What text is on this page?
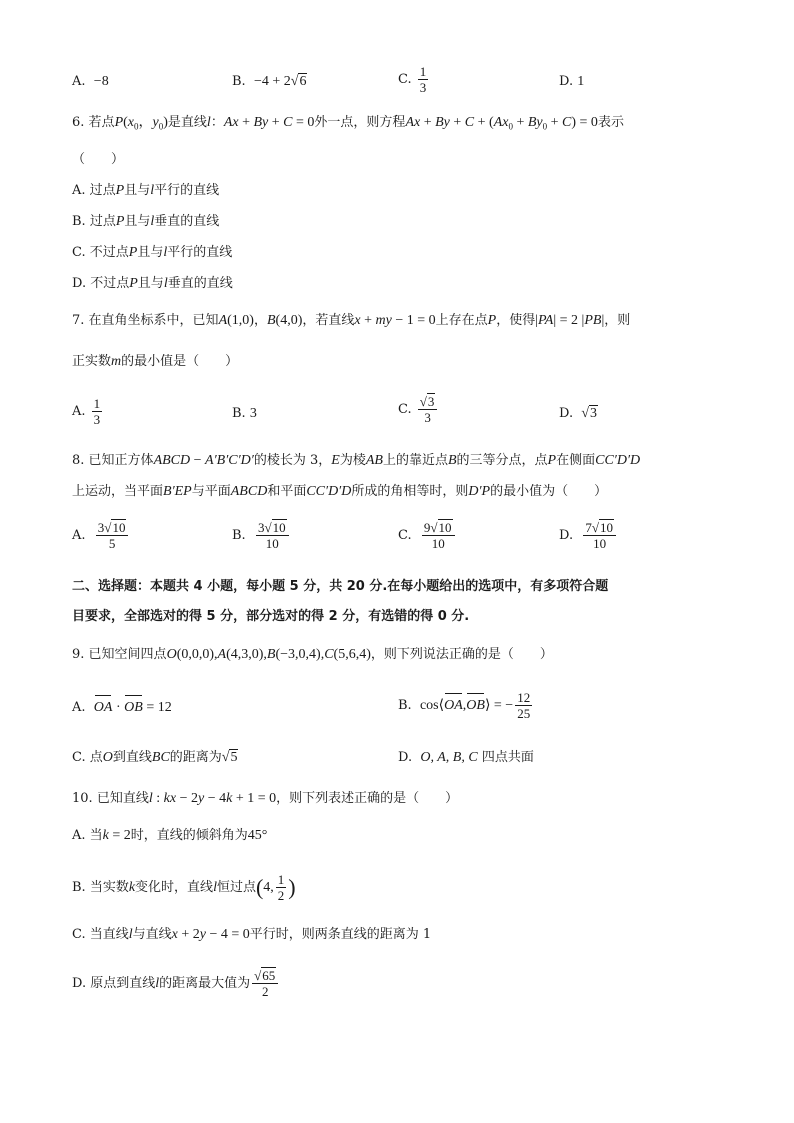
A. −8	B. −4 + 2√6	C. $\frac{1}{3}$	D. 1
6. 若点$P(x_0$，$y_0$)是直线l：Ax + By + C = 0外一点，则方程$Ax + By + C + (Ax_0 + By_0 + C) = 0$表示
（　　）
A. 过点P且与l平行的直线
B. 过点P且与l垂直的直线
C. 不过点P且与l平行的直线
D. 不过点P且与l垂直的直线
7. 在直角坐标系中，已知A(1,0)，B(4,0)，若直线x + my − 1 = 0上存在点P，使得|PA| = 2 |PB|，则
正实数m的最小值是（　　）
A. $\frac{1}{3}$	B. 3	C. $\frac{√3}{3}$	D.  √3
8. 已知正方体ABCD − A′B′C′D′的棱长为 3，E为棱AB上的靠近点B的三等分点，点P在侧面CC′D′D
上运动，当平面B′EP与平面ABCD和平面CC′D′D所成的角相等时，则D′P的最小值为（　　）
A. $\frac{3√10}{5}$	B. $\frac{3√10}{10}$	C. $\frac{9√10}{10}$	D. $\frac{7√10}{10}$
二、选择题：本题共 4 小题，每小题 5 分，共 20 分.在每小题给出的选项中，有多项符合题
目要求，全部选对的得 5 分，部分选对的得 2 分，有选错的得 0 分.
9. 已知空间四点O(0,0,0),A(4,3,0),B(−3,0,4),C(5,6,4)，则下列说法正确的是（　　）
A.  OA · OB = 12	B.  cos⟨OA,OB⟩ = − $\frac{12}{25}$
C. 点O到直线BC的距离为√5	D.  O, A, B, C 四点共面
10. 已知直线l : kx − 2y − 4k + 1 = 0，则下列表述正确的是（　　）
A. 当k = 2时，直线的倾斜角为45°
B. 当实数k变化时，直线l恒过点(4, $\frac{1}{2}$ )
C. 当直线l与直线x + 2y − 4 = 0平行时，则两条直线的距离为 1
D. 原点到直线l的距离最大值为 $\frac{√65}{2}$
